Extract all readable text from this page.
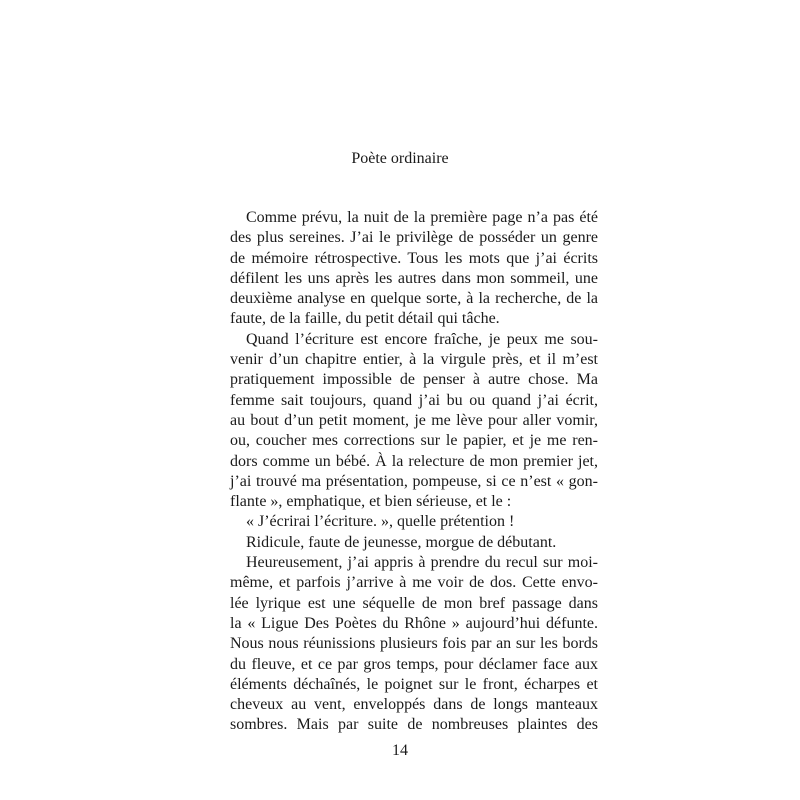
Poète ordinaire
Comme prévu, la nuit de la première page n’a pas été
des plus sereines. J’ai le privilège de posséder un genre
de mémoire rétrospective. Tous les mots que j’ai écrits
défilent les uns après les autres dans mon sommeil, une
deuxième analyse en quelque sorte, à la recherche, de la
faute, de la faille, du petit détail qui tâche.
Quand l’écriture est encore fraîche, je peux me sou-
venir d’un chapitre entier, à la virgule près, et il m’est
pratiquement impossible de penser à autre chose. Ma
femme sait toujours, quand j’ai bu ou quand j’ai écrit,
au bout d’un petit moment, je me lève pour aller vomir,
ou, coucher mes corrections sur le papier, et je me ren-
dors comme un bébé. À la relecture de mon premier jet,
j’ai trouvé ma présentation, pompeuse, si ce n’est « gon-
flante », emphatique, et bien sérieuse, et le :
« J’écrirai l’écriture. », quelle prétention !
Ridicule, faute de jeunesse, morgue de débutant.
Heureusement, j’ai appris à prendre du recul sur moi-
même, et parfois j’arrive à me voir de dos. Cette envo-
lée lyrique est une séquelle de mon bref passage dans
la « Ligue Des Poètes du Rhône » aujourd’hui défunte.
Nous nous réunissions plusieurs fois par an sur les bords
du fleuve, et ce par gros temps, pour déclamer face aux
éléments déchaînés, le poignet sur le front, écharpes et
cheveux au vent, enveloppés dans de longs manteaux
sombres. Mais par suite de nombreuses plaintes des
14
